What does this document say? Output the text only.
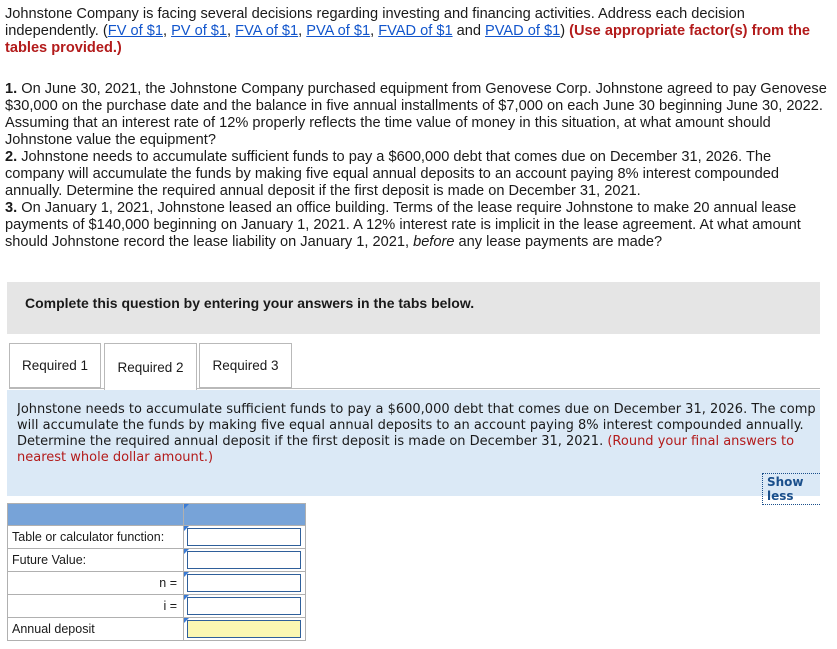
Johnstone Company is facing several decisions regarding investing and financing activities. Address each decision independently. (FV of $1, PV of $1, FVA of $1, PVA of $1, FVAD of $1 and PVAD of $1) (Use appropriate factor(s) from the tables provided.)

1. On June 30, 2021, the Johnstone Company purchased equipment from Genovese Corp. Johnstone agreed to pay Genovese $30,000 on the purchase date and the balance in five annual installments of $7,000 on each June 30 beginning June 30, 2022. Assuming that an interest rate of 12% properly reflects the time value of money in this situation, at what amount should Johnstone value the equipment?

2. Johnstone needs to accumulate sufficient funds to pay a $600,000 debt that comes due on December 31, 2026. The company will accumulate the funds by making five equal annual deposits to an account paying 8% interest compounded annually. Determine the required annual deposit if the first deposit is made on December 31, 2021.

3. On January 1, 2021, Johnstone leased an office building. Terms of the lease require Johnstone to make 20 annual lease payments of $140,000 beginning on January 1, 2021. A 12% interest rate is implicit in the lease agreement. At what amount should Johnstone record the lease liability on January 1, 2021, before any lease payments are made?

Complete this question by entering your answers in the tabs below.
Required 1	Required 2	Required 3
Johnstone needs to accumulate sufficient funds to pay a $600,000 debt that comes due on December 31, 2026. The comp
will accumulate the funds by making five equal annual deposits to an account paying 8% interest compounded annually.
Determine the required annual deposit if the first deposit is made on December 31, 2021. (Round your final answers to
nearest whole dollar amount.)
Show less

Table or calculator function:	

Future Value:	

n =	

i =	

Annual deposit	
